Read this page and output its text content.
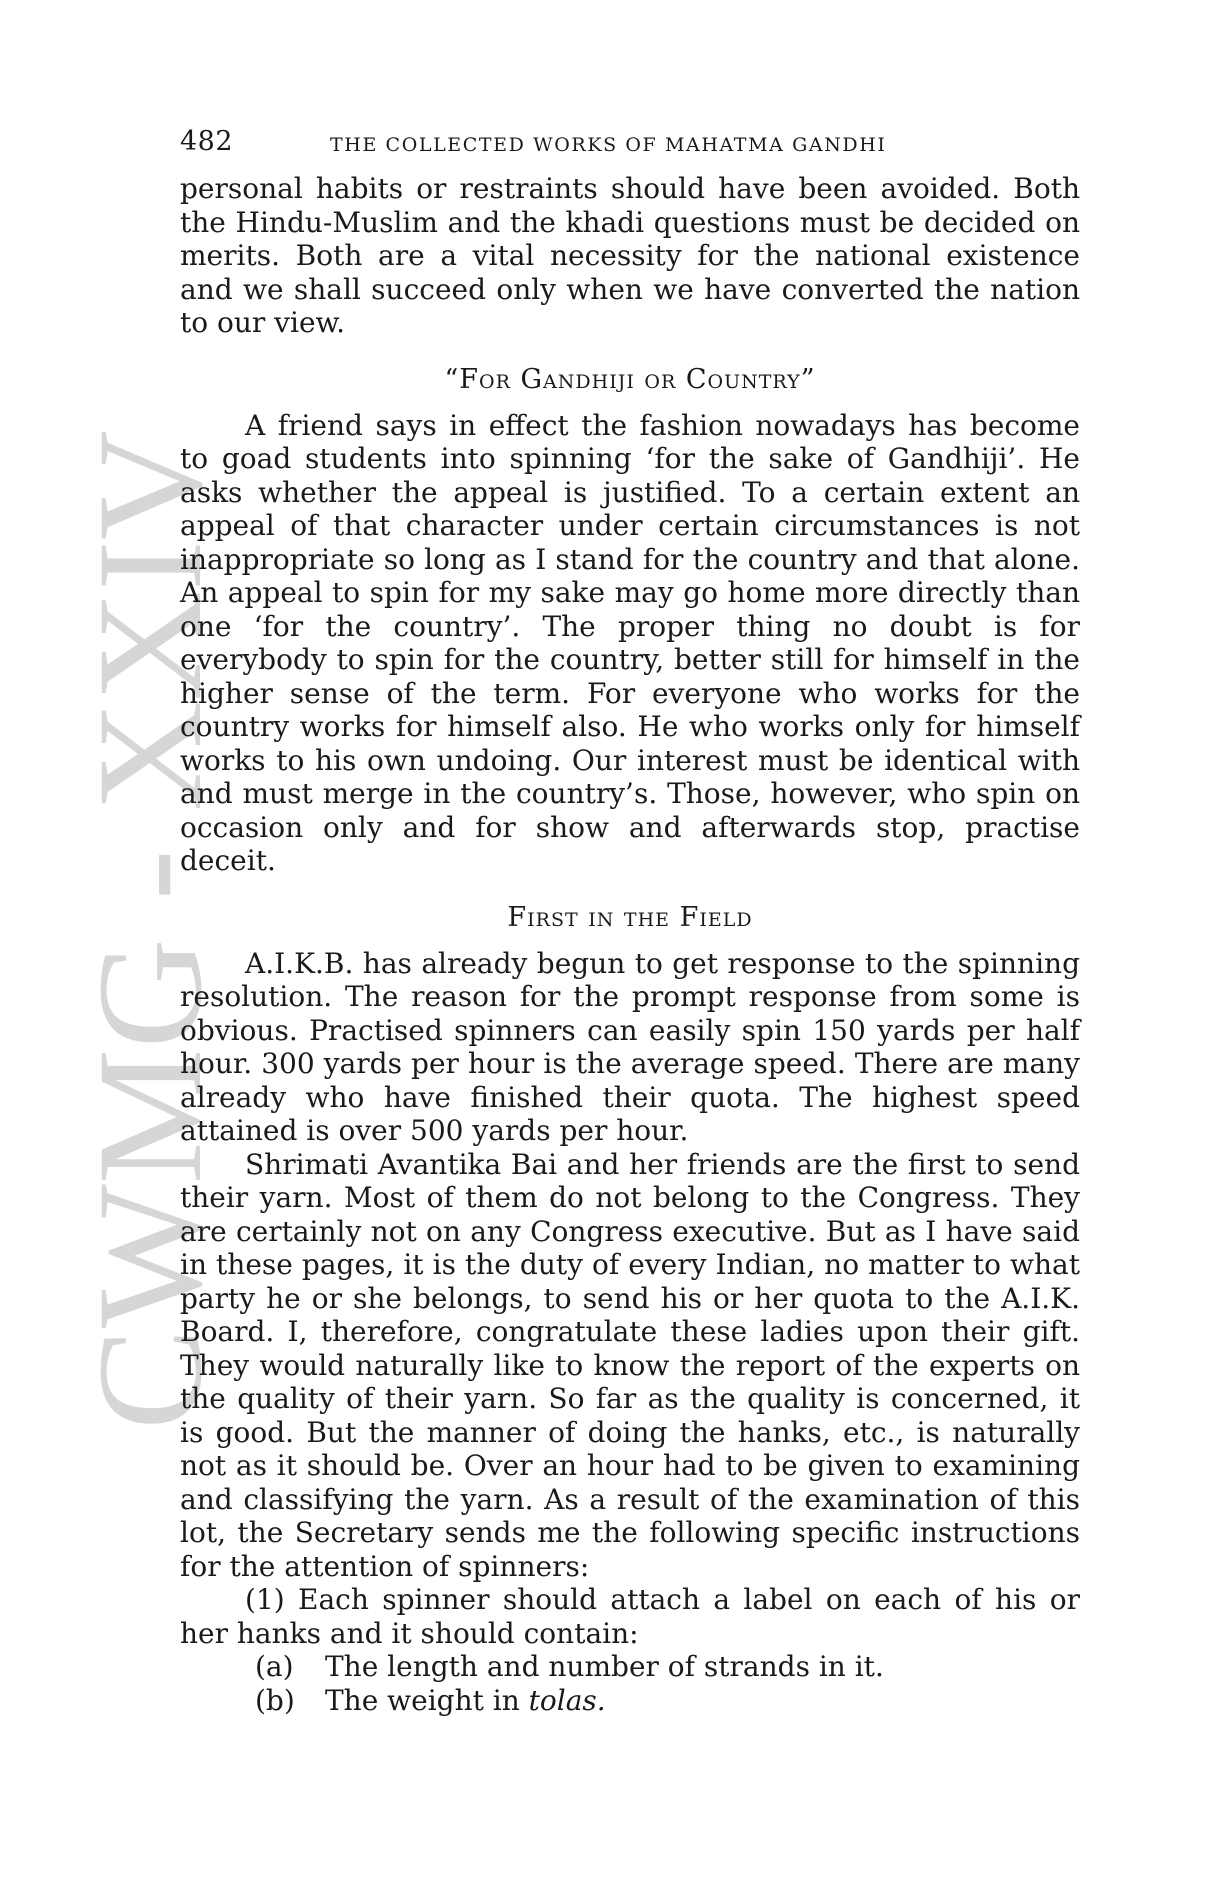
CWMG XXIV
482	THE COLLECTED WORKS OF MAHATMA GANDHI

personal habits or restraints should have been avoided. Both the Hindu-Muslim and the khadi questions must be decided on merits. Both are a vital necessity for the national existence and we shall succeed only when we have converted the nation to our view.

“For Gandhiji or Country”

A friend says in effect the fashion nowadays has become to goad students into spinning ‘for the sake of Gandhiji’. He asks whether the appeal is justified. To a certain extent an appeal of that character under certain circumstances is not inappropriate so long as I stand for the country and that alone. An appeal to spin for my sake may go home more directly than one ‘for the country’. The proper thing no doubt is for everybody to spin for the country, better still for himself in the higher sense of the term. For everyone who works for the country works for himself also. He who works only for himself works to his own undoing. Our interest must be identical with and must merge in the country’s. Those, however, who spin on occasion only and for show and afterwards stop, practise deceit.

First in the Field

A.I.K.B. has already begun to get response to the spinning resolution. The reason for the prompt response from some is obvious. Practised spinners can easily spin 150 yards per half hour. 300 yards per hour is the average speed. There are many already who have finished their quota. The highest speed attained is over 500 yards per hour.

Shrimati Avantika Bai and her friends are the first to send their yarn. Most of them do not belong to the Congress. They are certainly not on any Congress executive. But as I have said in these pages, it is the duty of every Indian, no matter to what party he or she belongs, to send his or her quota to the A.I.K. Board. I, therefore, congratulate these ladies upon their gift. They would naturally like to know the report of the experts on the quality of their yarn. So far as the quality is concerned, it is good. But the manner of doing the hanks, etc., is naturally not as it should be. Over an hour had to be given to examining and classifying the yarn. As a result of the examination of this lot, the Secretary sends me the following specific instructions for the attention of spinners:

(1) Each spinner should attach a label on each of his or her hanks and it should contain:

(a)	The length and number of strands in it.
(b)	The weight in tolas.
